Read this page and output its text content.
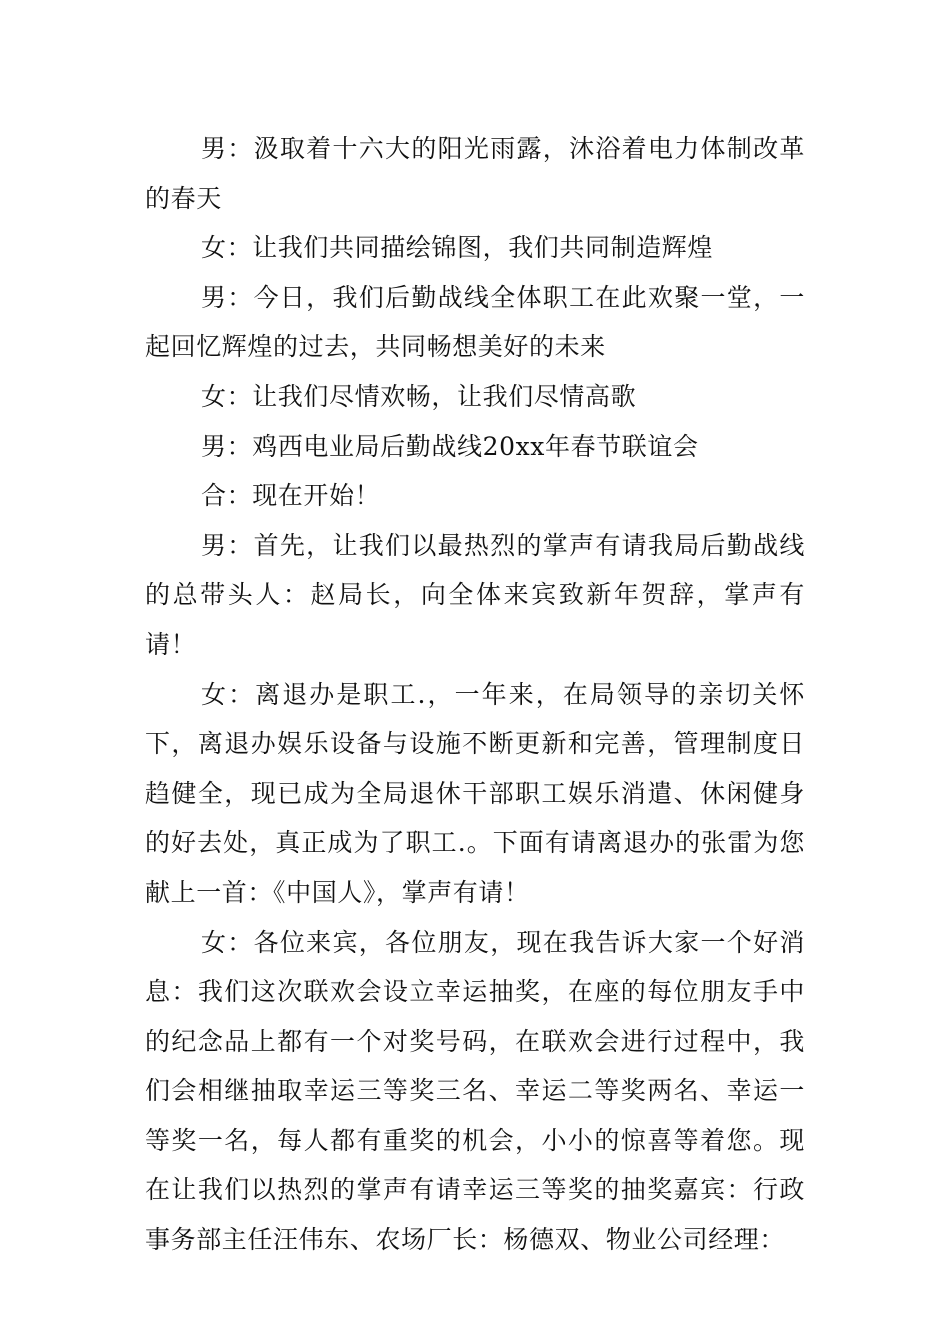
男：汲取着十六大的阳光雨露，沐浴着电力体制改革的春天

女：让我们共同描绘锦图，我们共同制造辉煌

男：今日，我们后勤战线全体职工在此欢聚一堂，一起回忆辉煌的过去，共同畅想美好的未来

女：让我们尽情欢畅，让我们尽情高歌

男：鸡西电业局后勤战线20xx年春节联谊会

合：现在开始！

男：首先，让我们以最热烈的掌声有请我局后勤战线的总带头人：赵局长，向全体来宾致新年贺辞，掌声有请！

女：离退办是职工.，一年来，在局领导的亲切关怀下，离退办娱乐设备与设施不断更新和完善，管理制度日趋健全，现已成为全局退休干部职工娱乐消遣、休闲健身的好去处，真正成为了职工.。下面有请离退办的张雷为您献上一首：《中国人》，掌声有请！

女：各位来宾，各位朋友，现在我告诉大家一个好消息：我们这次联欢会设立幸运抽奖，在座的每位朋友手中的纪念品上都有一个对奖号码，在联欢会进行过程中，我们会相继抽取幸运三等奖三名、幸运二等奖两名、幸运一等奖一名，每人都有重奖的机会，小小的惊喜等着您。现在让我们以热烈的掌声有请幸运三等奖的抽奖嘉宾：行政事务部主任汪伟东、农场厂长：杨德双、物业公司经理：
